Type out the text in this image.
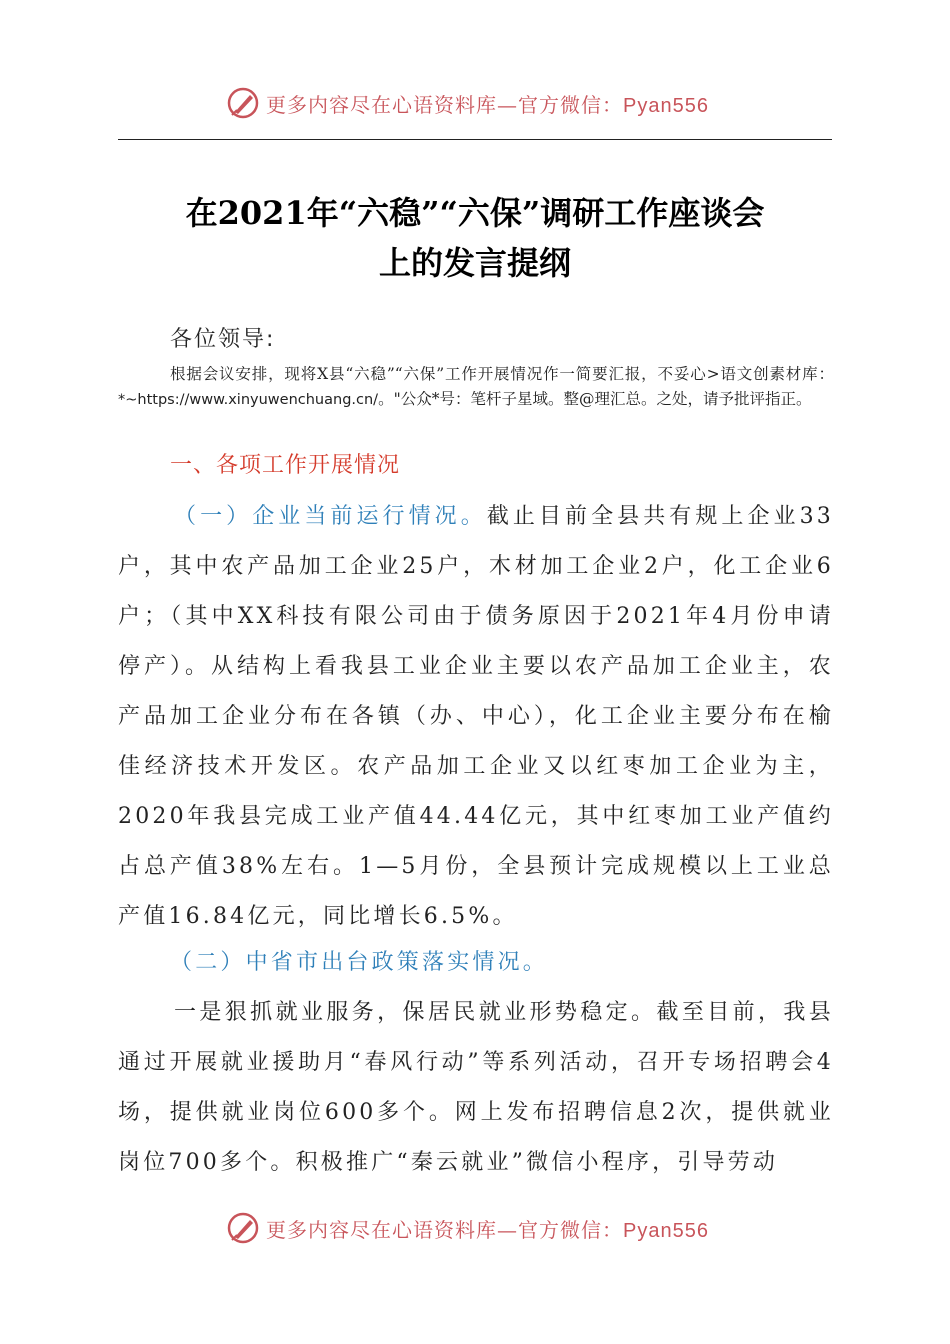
更多内容尽在心语资料库—官方微信：Pyan556
在2021年“六稳”“六保”调研工作座谈会
上的发言提纲
各位领导:

根据会议安排，现将X县“六稳”“六保”工作开展情况作一简要汇报，不妥心>语文创素材库：*~https://www.xinyuwenchuang.cn/。"公众*号：笔杆子星域。整@理汇总。之处，请予批评指正。

一、各项工作开展情况

（一）企业当前运行情况。截止目前全县共有规上企业33户，其中农产品加工企业25户，木材加工企业2户，化工企业6户；（其中XX科技有限公司由于债务原因于2021年4月份申请停产）。从结构上看我县工业企业主要以农产品加工企业主，农产品加工企业分布在各镇（办、中心），化工企业主要分布在榆佳经济技术开发区。农产品加工企业又以红枣加工企业为主，2020年我县完成工业产值44.44亿元，其中红枣加工业产值约占总产值38%左右。1—5月份，全县预计完成规模以上工业总产值16.84亿元，同比增长6.5%。

（二）中省市出台政策落实情况。

一是狠抓就业服务，保居民就业形势稳定。截至目前，我县通过开展就业援助月“春风行动”等系列活动，召开专场招聘会4场，提供就业岗位600多个。网上发布招聘信息2次，提供就业岗位700多个。积极推广“秦云就业”微信小程序，引导劳动

更多内容尽在心语资料库—官方微信：Pyan556
